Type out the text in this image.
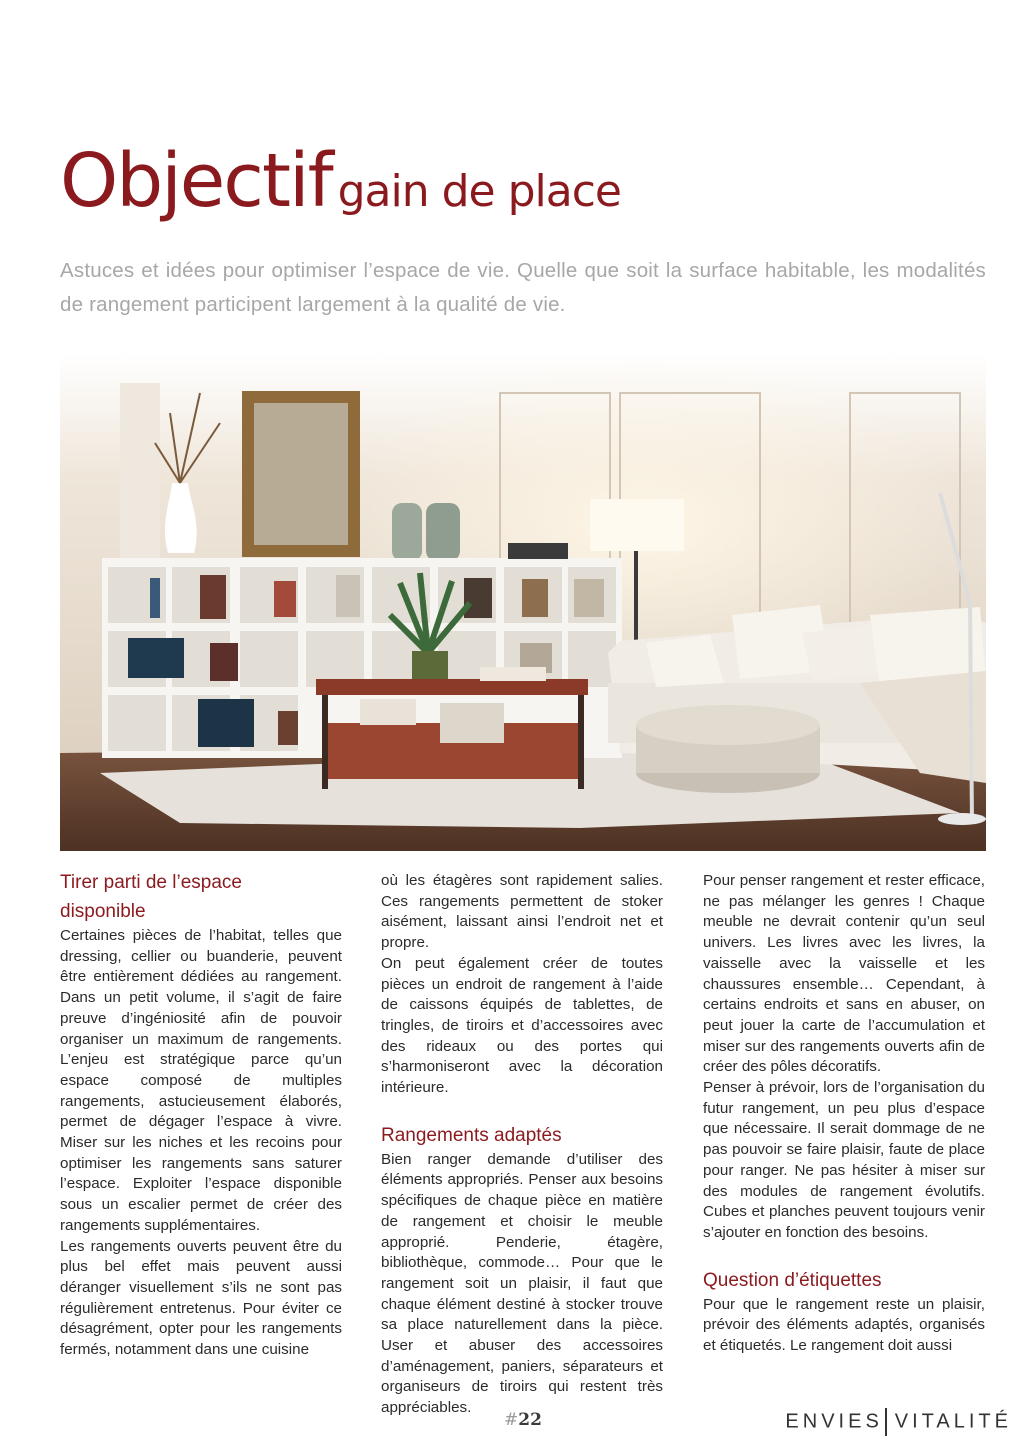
Objectif gain de place

Astuces et idées pour optimiser l’espace de vie. Quelle que soit la surface habitable, les modalités de rangement participent largement à la qualité de vie.

Tirer parti de l’espace
disponible

Certaines pièces de l’habitat, telles que dressing, cellier ou buanderie, peuvent être entièrement dédiées au rangement. Dans un petit volume, il s’agit de faire preuve d’ingéniosité afin de pouvoir organiser un maximum de rangements. L’enjeu est stratégique parce qu’un espace composé de multiples rangements, astucieusement élaborés, permet de dégager l’espace à vivre. Miser sur les niches et les recoins pour optimiser les rangements sans saturer l’espace. Exploiter l’espace disponible sous un escalier permet de créer des rangements supplémentaires.

Les rangements ouverts peuvent être du plus bel effet mais peuvent aussi déranger visuellement s’ils ne sont pas régulièrement entretenus. Pour éviter ce désagrément, opter pour les rangements fermés, notamment dans une cuisine

où les étagères sont rapidement salies. Ces rangements permettent de stoker aisément, laissant ainsi l’endroit net et propre.

On peut également créer de toutes pièces un endroit de rangement à l’aide de caissons équipés de tablettes, de tringles, de tiroirs et d’accessoires avec des rideaux ou des portes qui s’harmoniseront avec la décoration intérieure.

Rangements adaptés

Bien ranger demande d’utiliser des éléments appropriés. Penser aux besoins spécifiques de chaque pièce en matière de rangement et choisir le meuble approprié. Penderie, étagère, bibliothèque, commode… Pour que le rangement soit un plaisir, il faut que chaque élément destiné à stocker trouve sa place naturellement dans la pièce. User et abuser des accessoires d’aménagement, paniers, séparateurs et organiseurs de tiroirs qui restent très appréciables.

Pour penser rangement et rester efficace, ne pas mélanger les genres ! Chaque meuble ne devrait contenir qu’un seul univers. Les livres avec les livres, la vaisselle avec la vaisselle et les chaussures ensemble… Cependant, à certains endroits et sans en abuser, on peut jouer la carte de l’accumulation et miser sur des rangements ouverts afin de créer des pôles décoratifs.

Penser à prévoir, lors de l’organisation du futur rangement, un peu plus d’espace que nécessaire. Il serait dommage de ne pas pouvoir se faire plaisir, faute de place pour ranger. Ne pas hésiter à miser sur des modules de rangement évolutifs. Cubes et planches peuvent toujours venir s’ajouter en fonction des besoins.

Question d’étiquettes

Pour que le rangement reste un plaisir, prévoir des éléments adaptés, organisés et étiquetés. Le rangement doit aussi

#22	ENVIES VITALITÉ
